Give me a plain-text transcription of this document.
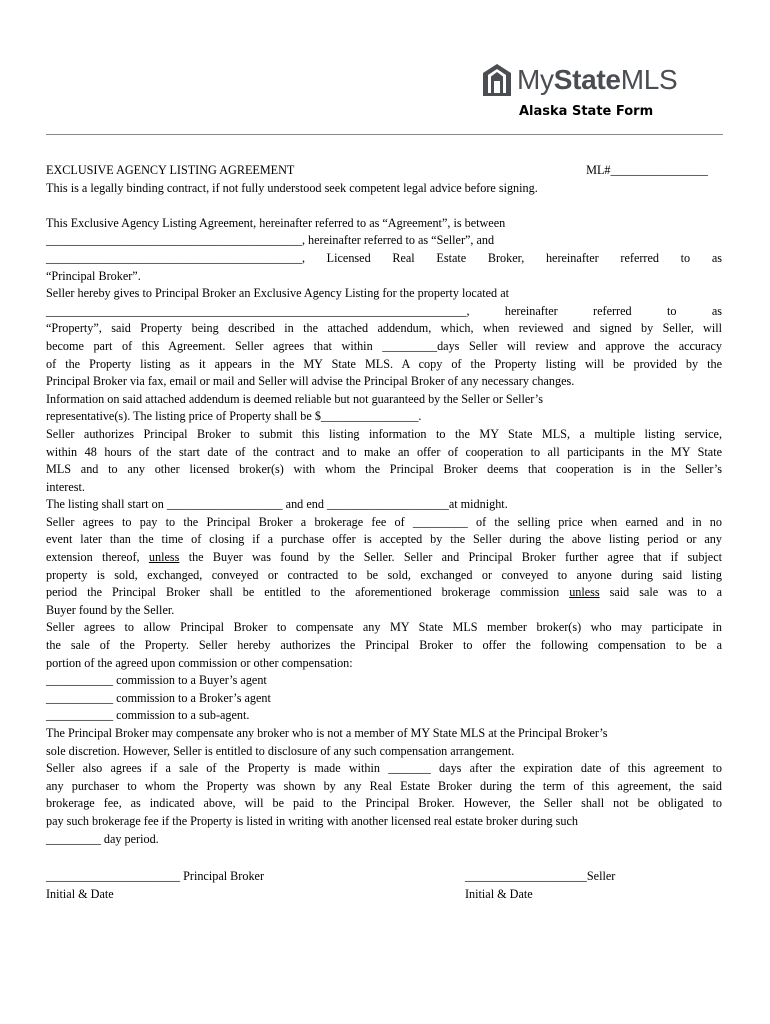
MyStateMLS
Alaska State Form
EXCLUSIVE AGENCY LISTING AGREEMENT	ML#________________
This is a legally binding contract, if not fully understood seek competent legal advice before signing.
This Exclusive Agency Listing Agreement, hereinafter referred to as “Agreement”, is between
__________________________________________, hereinafter referred to as “Seller”, and
__________________________________________, Licensed Real Estate Broker, hereinafter referred to as
“Principal Broker”.
Seller hereby gives to Principal Broker an Exclusive Agency Listing for the property located at
_____________________________________________________________________, hereinafter referred to as
“Property”, said Property being described in the attached addendum, which, when reviewed and signed by Seller, will
become part of this Agreement. Seller agrees that within _________days Seller will review and approve the accuracy
of the Property listing as it appears in the MY State MLS. A copy of the Property listing will be provided by the
Principal Broker via fax, email or mail and Seller will advise the Principal Broker of any necessary changes.
Information on said attached addendum is deemed reliable but not guaranteed by the Seller or Seller’s
representative(s). The listing price of Property shall be $________________.
Seller authorizes Principal Broker to submit this listing information to the MY State MLS, a multiple listing service,
within 48 hours of the start date of the contract and to make an offer of cooperation to all participants in the MY State
MLS and to any other licensed broker(s) with whom the Principal Broker deems that cooperation is in the Seller’s
interest.
The listing shall start on ___________________ and end ____________________at midnight.
Seller agrees to pay to the Principal Broker a brokerage fee of _________ of the selling price when earned and in no
event later than the time of closing if a purchase offer is accepted by the Seller during the above listing period or any
extension thereof, unless the Buyer was found by the Seller. Seller and Principal Broker further agree that if subject
property is sold, exchanged, conveyed or contracted to be sold, exchanged or conveyed to anyone during said listing
period the Principal Broker shall be entitled to the aforementioned brokerage commission unless said sale was to a
Buyer found by the Seller.
Seller agrees to allow Principal Broker to compensate any MY State MLS member broker(s) who may participate in
the sale of the Property. Seller hereby authorizes the Principal Broker to offer the following compensation to be a
portion of the agreed upon commission or other compensation:
___________ commission to a Buyer’s agent
___________ commission to a Broker’s agent
___________ commission to a sub-agent.
The Principal Broker may compensate any broker who is not a member of MY State MLS at the Principal Broker’s
sole discretion. However, Seller is entitled to disclosure of any such compensation arrangement.
Seller also agrees if a sale of the Property is made within _______ days after the expiration date of this agreement to
any purchaser to whom the Property was shown by any Real Estate Broker during the term of this agreement, the said
brokerage fee, as indicated above, will be paid to the Principal Broker. However, the Seller shall not be obligated to
pay such brokerage fee if the Property is listed in writing with another licensed real estate broker during such
_________ day period.
______________________ Principal Broker
Initial & Date
____________________Seller
Initial & Date
